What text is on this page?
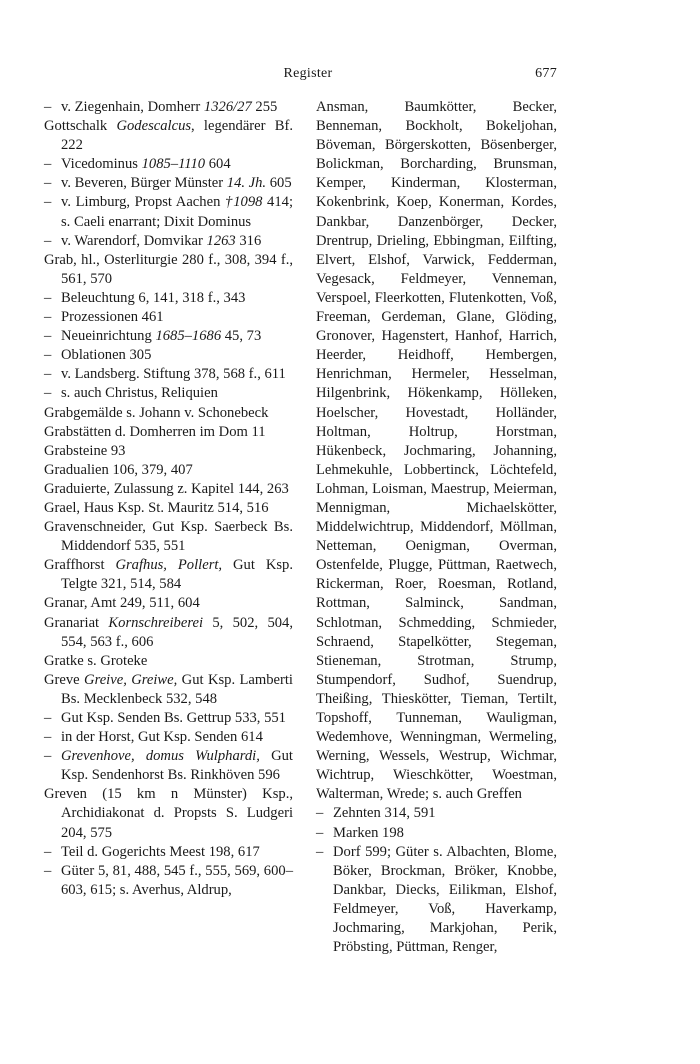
Register	677
– v. Ziegenhain, Domherr 1326/27 255
Gottschalk Godescalcus, legendärer Bf. 222
– Vicedominus 1085–1110 604
– v. Beveren, Bürger Münster 14. Jh. 605
– v. Limburg, Propst Aachen †1098 414; s. Caeli enarrant; Dixit Dominus
– v. Warendorf, Domvikar 1263 316
Grab, hl., Osterliturgie 280 f., 308, 394 f., 561, 570
– Beleuchtung 6, 141, 318 f., 343
– Prozessionen 461
– Neueinrichtung 1685–1686 45, 73
– Oblationen 305
– v. Landsberg. Stiftung 378, 568 f., 611
– s. auch Christus, Reliquien
Grabgemälde s. Johann v. Schonebeck
Grabstätten d. Domherren im Dom 11
Grabsteine 93
Gradualien 106, 379, 407
Graduierte, Zulassung z. Kapitel 144, 263
Grael, Haus Ksp. St. Mauritz 514, 516
Gravenschneider, Gut Ksp. Saerbeck Bs. Middendorf 535, 551
Graffhorst Grafhus, Pollert, Gut Ksp. Telgte 321, 514, 584
Granar, Amt 249, 511, 604
Granariat Kornschreiberei 5, 502, 504, 554, 563 f., 606
Gratke s. Groteke
Greve Greive, Greiwe, Gut Ksp. Lamberti Bs. Mecklenbeck 532, 548
– Gut Ksp. Senden Bs. Gettrup 533, 551
– in der Horst, Gut Ksp. Senden 614
– Grevenhove, domus Wulphardi, Gut Ksp. Sendenhorst Bs. Rinkhöven 596
Greven (15 km n Münster) Ksp., Archidiakonat d. Propsts S. Ludgeri 204, 575
– Teil d. Gogerichts Meest 198, 617
– Güter 5, 81, 488, 545 f., 555, 569, 600–603, 615; s. Averhus, Aldrup,
Ansman, Baumkötter, Becker, Benneman, Bockholt, Bokeljohan, Böveman, Börgerskotten, Bösenberger, Bolickman, Borcharding, Brunsman, Kemper, Kinderman, Klosterman, Kokenbrink, Koep, Konerman, Kordes, Dankbar, Danzenbörger, Decker, Drentrup, Drieling, Ebbingman, Eilfting, Elvert, Elshof, Varwick, Fedderman, Vegesack, Feldmeyer, Venneman, Verspoel, Fleerkotten, Flutenkotten, Voß, Freeman, Gerdeman, Glane, Glöding, Gronover, Hagenstert, Hanhof, Harrich, Heerder, Heidhoff, Hembergen, Henrichman, Hermeler, Hesselman, Hilgenbrink, Hökenkamp, Hölleken, Hoelscher, Hovestadt, Holländer, Holtman, Holtrup, Horstman, Hükenbeck, Jochmaring, Johanning, Lehmekuhle, Lobbertinck, Löchtefeld, Lohman, Loisman, Maestrup, Meierman, Mennigman, Michaelskötter, Middelwichtrup, Middendorf, Möllman, Netteman, Oenigman, Overman, Ostenfelde, Plugge, Püttman, Raetwech, Rickerman, Roer, Roesman, Rotland, Rottman, Salminck, Sandman, Schlotman, Schmedding, Schmieder, Schraend, Stapelkötter, Stegeman, Stieneman, Strotman, Strump, Stumpendorf, Sudhof, Suendrup, Theißing, Thieskötter, Tieman, Tertilt, Topshoff, Tunneman, Wauligman, Wedemhove, Wenningman, Wermeling, Werning, Wessels, Westrup, Wichmar, Wichtrup, Wieschkötter, Woestman, Walterman, Wrede; s. auch Greffen
– Zehnten 314, 591
– Marken 198
– Dorf 599; Güter s. Albachten, Blome, Böker, Brockman, Bröker, Knobbe, Dankbar, Diecks, Eilikman, Elshof, Feldmeyer, Voß, Haverkamp, Jochmaring, Markjohan, Perik, Pröbsting, Püttman, Renger,
